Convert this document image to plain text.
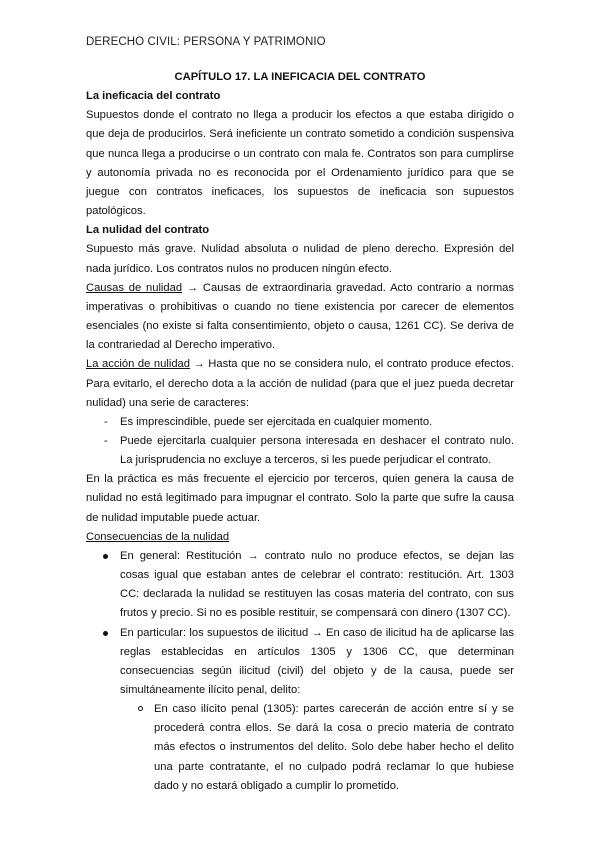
DERECHO CIVIL: PERSONA Y PATRIMONIO

CAPÍTULO 17. LA INEFICACIA DEL CONTRATO

La ineficacia del contrato

Supuestos donde el contrato no llega a producir los efectos a que estaba dirigido o que deja de producirlos. Será ineficiente un contrato sometido a condición suspensiva que nunca llega a producirse o un contrato con mala fe. Contratos son para cumplirse y autonomía privada no es reconocida por el Ordenamiento jurídico para que se juegue con contratos ineficaces, los supuestos de ineficacia son supuestos patológicos.

La nulidad del contrato

Supuesto más grave. Nulidad absoluta o nulidad de pleno derecho. Expresión del nada jurídico. Los contratos nulos no producen ningún efecto.

Causas de nulidad → Causas de extraordinaria gravedad. Acto contrario a normas imperativas o prohibitivas o cuando no tiene existencia por carecer de elementos esenciales (no existe si falta consentimiento, objeto o causa, 1261 CC). Se deriva de la contrariedad al Derecho imperativo.

La acción de nulidad → Hasta que no se considera nulo, el contrato produce efectos. Para evitarlo, el derecho dota a la acción de nulidad (para que el juez pueda decretar nulidad) una serie de caracteres:

- Es imprescindible, puede ser ejercitada en cualquier momento.
- Puede ejercitarla cualquier persona interesada en deshacer el contrato nulo. La jurisprudencia no excluye a terceros, si les puede perjudicar el contrato.

En la práctica es más frecuente el ejercicio por terceros, quien genera la causa de nulidad no está legitimado para impugnar el contrato. Solo la parte que sufre la causa de nulidad imputable puede actuar.

Consecuencias de la nulidad

En general: Restitución → contrato nulo no produce efectos, se dejan las cosas igual que estaban antes de celebrar el contrato: restitución. Art. 1303 CC: declarada la nulidad se restituyen las cosas materia del contrato, con sus frutos y precio. Si no es posible restituir, se compensará con dinero (1307 CC).
En particular: los supuestos de ilicitud → En caso de ilicitud ha de aplicarse las reglas establecidas en artículos 1305 y 1306 CC, que determinan consecuencias según ilicitud (civil) del objeto y de la causa, puede ser simultáneamente ilícito penal, delito:
En caso ilícito penal (1305): partes carecerán de acción entre sí y se procederá contra ellos. Se dará la cosa o precio materia de contrato más efectos o instrumentos del delito. Solo debe haber hecho el delito una parte contratante, el no culpado podrá reclamar lo que hubiese dado y no estará obligado a cumplir lo prometido.
